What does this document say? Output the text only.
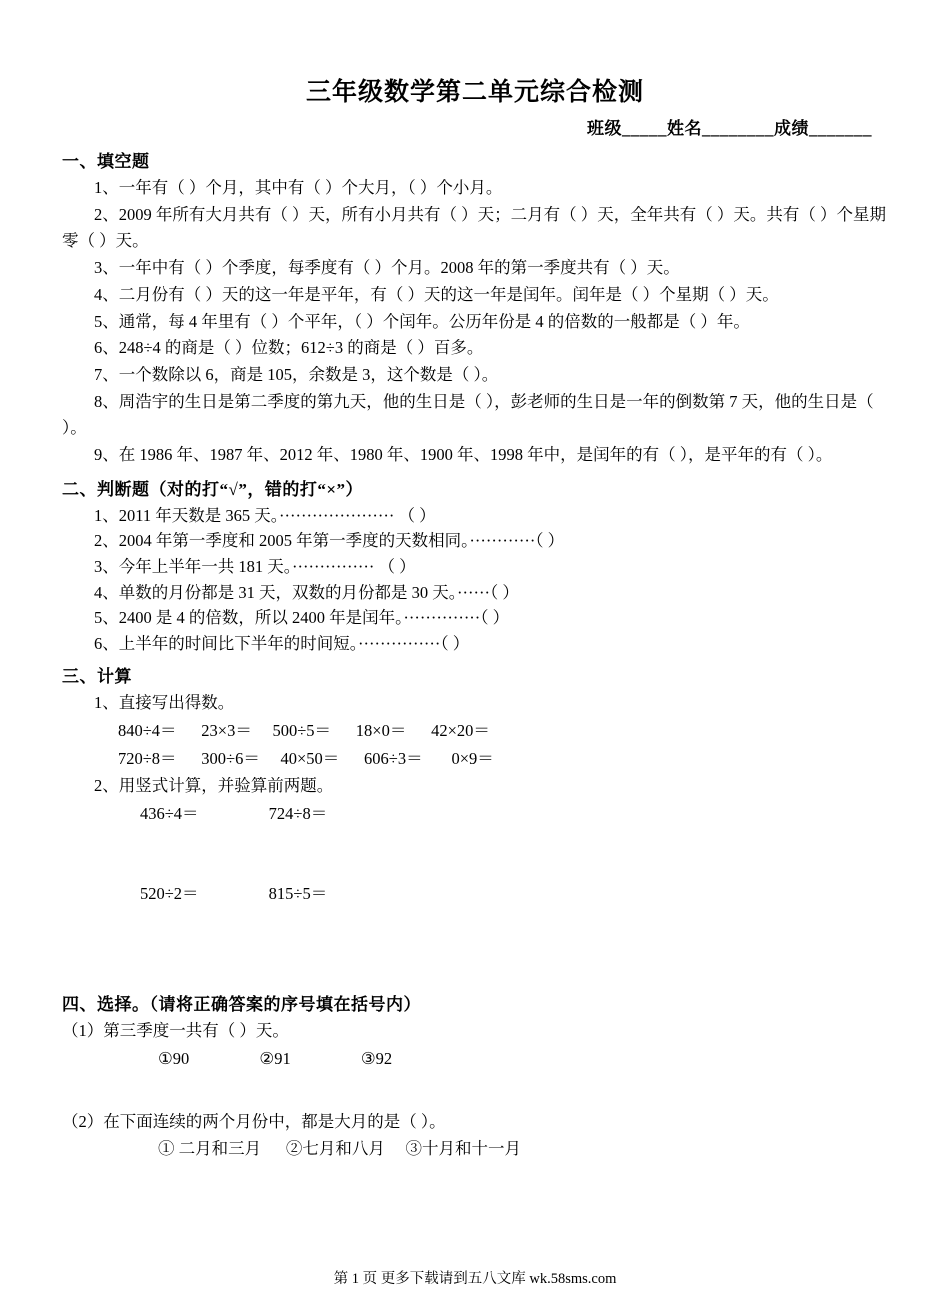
三年级数学第二单元综合检测
班级_____姓名________成绩_______
一、填空题
1、一年有（ ）个月，其中有（ ）个大月，（ ）个小月。
2、2009 年所有大月共有（ ）天，所有小月共有（ ）天；二月有（ ）天，全年共有（ ）天。共有（ ）个星期零（ ）天。
3、一年中有（ ）个季度，每季度有（ ）个月。2008 年的第一季度共有（ ）天。
4、二月份有（ ）天的这一年是平年，有（ ）天的这一年是闰年。闰年是（ ）个星期（ ）天。
5、通常，每 4 年里有（ ）个平年，（ ）个闰年。公历年份是 4 的倍数的一般都是（ ）年。
6、248÷4 的商是（ ）位数；612÷3 的商是（ ）百多。
7、一个数除以 6，商是 105，余数是 3，这个数是（ ）。
8、周浩宇的生日是第二季度的第九天，他的生日是（ ），彭老师的生日是一年的倒数第 7 天，他的生日是（ ）。
9、在 1986 年、1987 年、2012 年、1980 年、1900 年、1998 年中，是闰年的有（ ），是平年的有（ ）。
二、判断题（对的打“√”，错的打“×”）
1、2011 年天数是 365 天。····················· （ ）
2、2004 年第一季度和 2005 年第一季度的天数相同。············（ ）
3、今年上半年一共 181 天。··············· （ ）
4、单数的月份都是 31 天，双数的月份都是 30 天。······（ ）
5、2400 是 4 的倍数，所以 2400 年是闰年。··············（ ）
6、上半年的时间比下半年的时间短。···············（ ）
三、计算
1、直接写出得数。
840÷4＝      23×3＝     500÷5＝      18×0＝      42×20＝
720÷8＝      300÷6＝     40×50＝      606÷3＝       0×9＝
2、用竖式计算，并验算前两题。
436÷4＝                 724÷8＝
520÷2＝                 815÷5＝
四、选择。（请将正确答案的序号填在括号内）
（1）第三季度一共有（ ）天。
①90                 ②91                 ③92
（2）在下面连续的两个月份中，都是大月的是（ ）。
① 二月和三月      ②七月和八月     ③十月和十一月
第 1 页 更多下载请到五八文库 wk.58sms.com
